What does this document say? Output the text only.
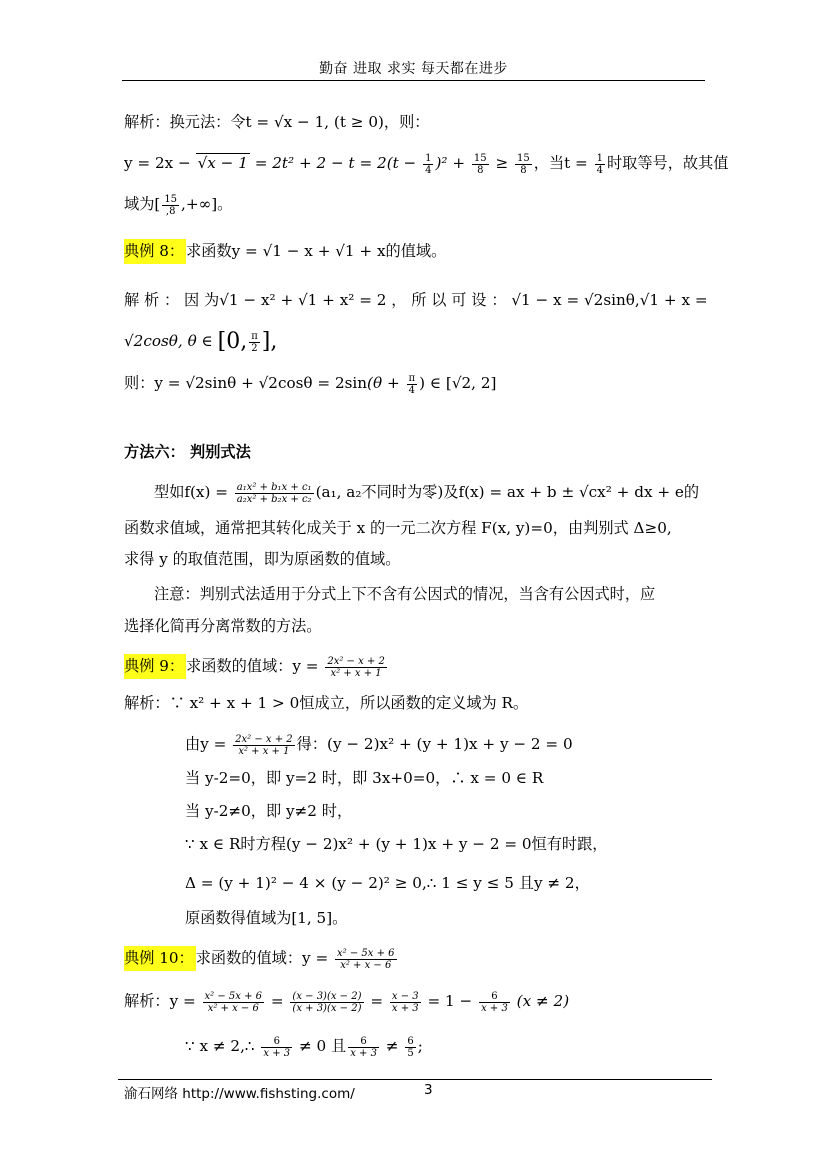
勤奋 进取 求实 每天都在进步
解析：换元法：令t = √x − 1, (t ≥ 0)，则：
$y = 2x - √x - 1 = 2t^2 + 2 - t = 2(t - \frac{1}{4} )^2 + \frac{15}{8} \ge \frac{15}{8}$ ，当$t = \frac{1}{4}$ 时取等号，故其值
域为[ $\frac{15}{,8}$ ,+∞]。
典例 8： 求函数y = √1 − x + √1 + x的值域。
解 析 ： 因 为√1 − x² + √1 + x² = 2 ， 所 以 可 设 ： √1 − x = √2sinθ,√1 + x =
√2cosθ, θ ∈ [0, $\frac{\pi}{2}$ ],
则：$y = √2\sin\theta + √2\cos\theta = 2\sin(\theta + \frac{\pi}{4}$ ) ∈ [√2, 2]
方法六： 判别式法
型如$f(x) = \frac{\text{a₁x² + b₁x + c₁}}{\text{a₂x² + b₂x + c₂}} (a_1$, a₂不同时为零)及f(x) = ax + b ± √cx² + dx + e的
函数求值域，通常把其转化成关于 x 的一元二次方程 F(x, y)=0，由判别式 Δ≥0,
求得 y 的取值范围，即为原函数的值域。
注意：判别式法适用于分式上下不含有公因式的情况，当含有公因式时，应
选择化简再分离常数的方法。
典例 9： 求函数的值域：$y = \frac{\text{2x² − x + 2}}{\text{x² + x + 1}}$
解析：∵ x² + x + 1 > 0恒成立，所以函数的定义域为 R。
由$y = \frac{\text{2x² − x + 2}}{\text{x² + x + 1}}$ 得：(y − 2)x² + (y + 1)x + y − 2 = 0
当 y-2=0，即 y=2 时，即 3x+0=0，∴ x = 0 ∈ R
当 y-2≠0，即 y≠2 时，
∵ x ∈ R时方程(y − 2)x² + (y + 1)x + y − 2 = 0恒有时跟，
Δ = (y + 1)² − 4 × (y − 2)² ≥ 0,∴ 1 ≤ y ≤ 5 且y ≠ 2，
原函数得值域为[1, 5]。
典例 10： 求函数的值域：$y = \frac{\text{x² − 5x + 6}}{\text{x² + x − 6}}$
解析：$y = \frac{\text{x² − 5x + 6}}{\text{x² + x − 6}} = \frac{(x - 3)(x - 2)}{(x + 3)(x - 2)} = \frac{x - 3}{x + 3} = 1 - \frac{6}{x + 3} (x \ne 2)$
∵ x ≠ 2,∴ $\frac{6}{x + 3} \ne 0$ 且 $\frac{6}{x + 3} \ne \frac{6}{5}$ ;
渝石网络 http://www.fishsting.com/	3
